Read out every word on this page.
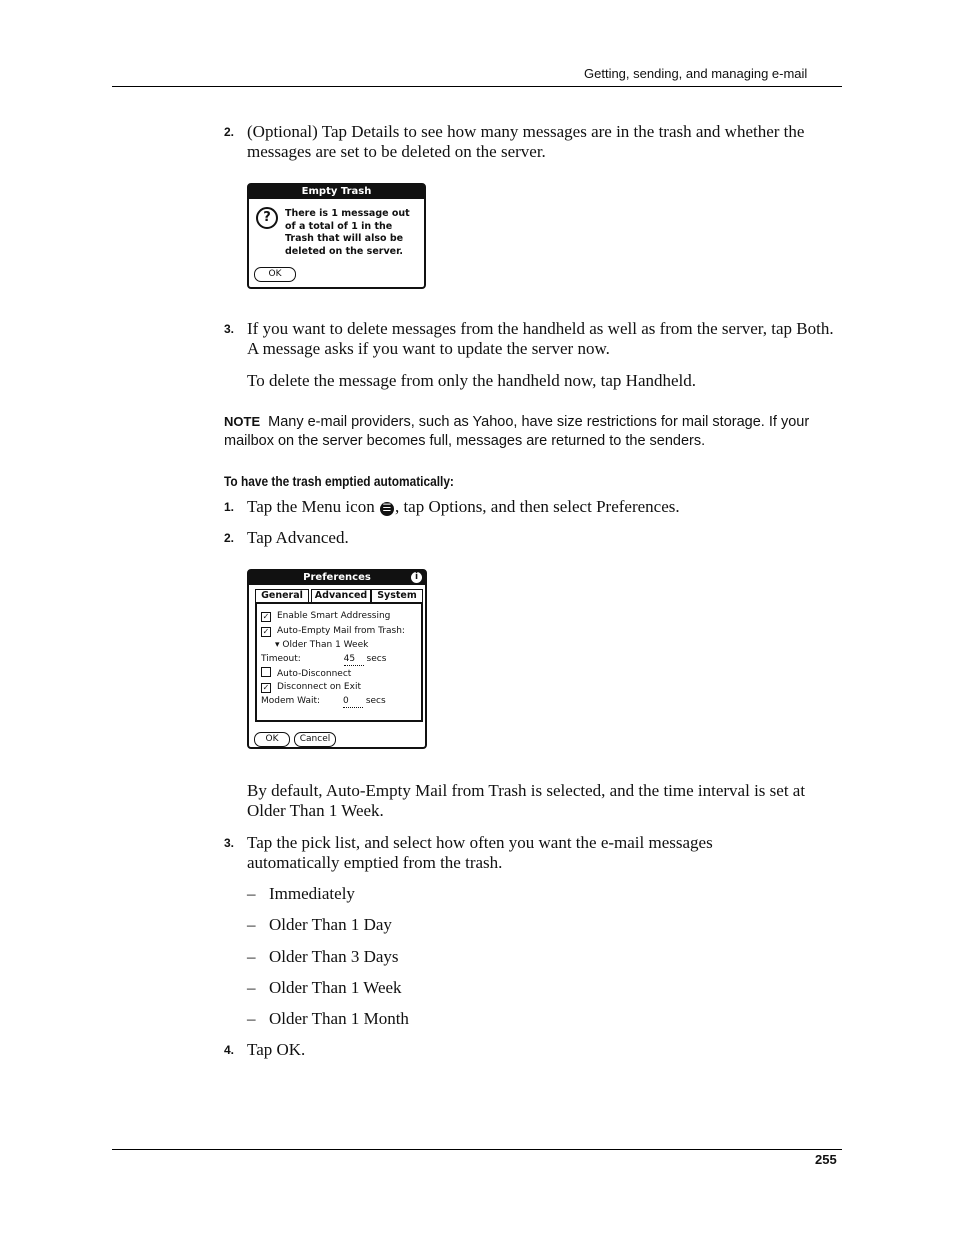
Getting, sending, and managing e-mail
2. (Optional) Tap Details to see how many messages are in the trash and whether the messages are set to be deleted on the server.
Empty Trash
?	There is 1 message out of a total of 1 in the Trash that will also be deleted on the server.
OK
3. If you want to delete messages from the handheld as well as from the server, tap Both. A message asks if you want to update the server now.
To delete the message from only the handheld now, tap Handheld.
NOTE Many e-mail providers, such as Yahoo, have size restrictions for mail storage. If your mailbox on the server becomes full, messages are returned to the senders.
To have the trash emptied automatically:
1. Tap the Menu icon ☰ , tap Options, and then select Preferences.
2. Tap Advanced.
Preferences	i
General	Advanced	System
✓ Enable Smart Addressing
✓ Auto-Empty Mail from Trash:
▾ Older Than 1 Week
Timeout:	45 secs
Auto-Disconnect
✓ Disconnect on Exit
Modem Wait:	0 secs
OK	Cancel
By default, Auto-Empty Mail from Trash is selected, and the time interval is set at Older Than 1 Week.
3. Tap the pick list, and select how often you want the e-mail messages automatically emptied from the trash.
– Immediately
– Older Than 1 Day
– Older Than 3 Days
– Older Than 1 Week
– Older Than 1 Month
4. Tap OK.
255
